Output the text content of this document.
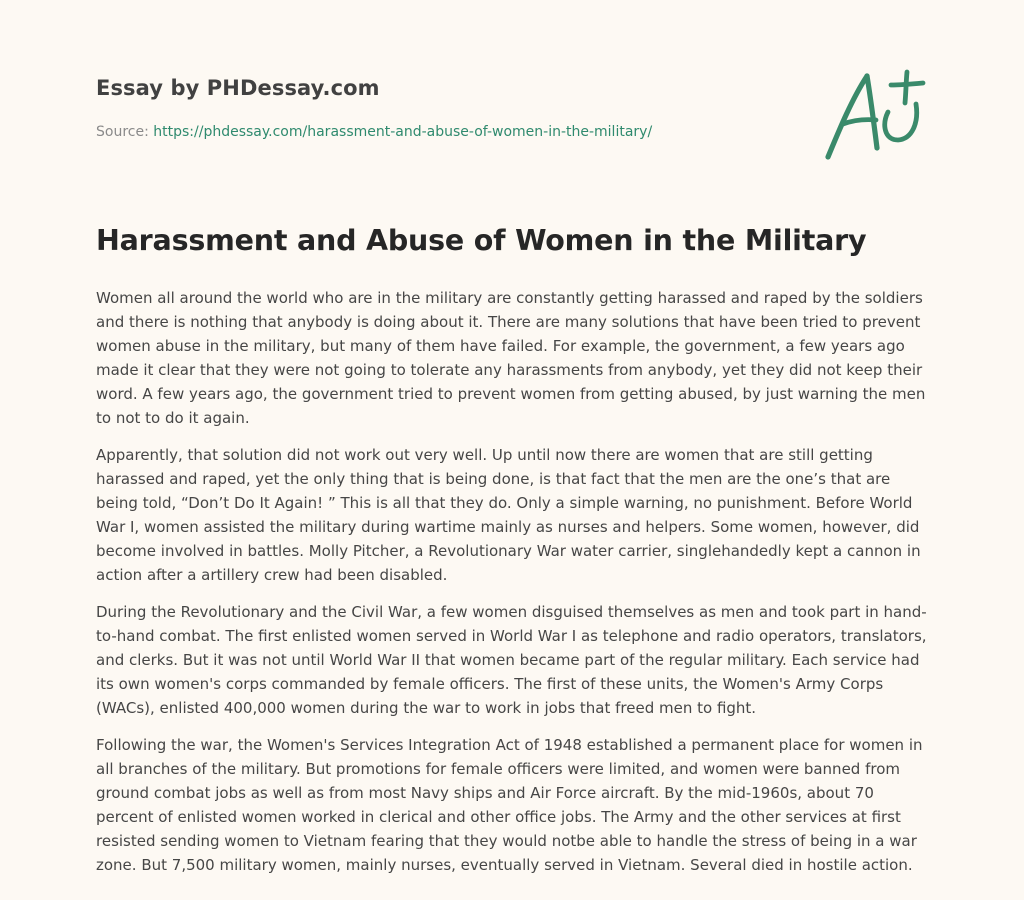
Essay by PHDessay.com

Source: https://phdessay.com/harassment-and-abuse-of-women-in-the-military/

Harassment and Abuse of Women in the Military

Women all around the world who are in the military are constantly getting harassed and raped by the soldiers and there is nothing that anybody is doing about it. There are many solutions that have been tried to prevent women abuse in the military, but many of them have failed. For example, the government, a few years ago made it clear that they were not going to tolerate any harassments from anybody, yet they did not keep their word. A few years ago, the government tried to prevent women from getting abused, by just warning the men to not to do it again.

Apparently, that solution did not work out very well. Up until now there are women that are still getting harassed and raped, yet the only thing that is being done, is that fact that the men are the one’s that are being told, “Don’t Do It Again! ” This is all that they do. Only a simple warning, no punishment. Before World War I, women assisted the military during wartime mainly as nurses and helpers. Some women, however, did become involved in battles. Molly Pitcher, a Revolutionary War water carrier, singlehandedly kept a cannon in action after a artillery crew had been disabled.

During the Revolutionary and the Civil War, a few women disguised themselves as men and took part in hand-to-hand combat. The first enlisted women served in World War I as telephone and radio operators, translators, and clerks. But it was not until World War II that women became part of the regular military. Each service had its own women's corps commanded by female officers. The first of these units, the Women's Army Corps (WACs), enlisted 400,000 women during the war to work in jobs that freed men to fight.

Following the war, the Women's Services Integration Act of 1948 established a permanent place for women in all branches of the military. But promotions for female officers were limited, and women were banned from ground combat jobs as well as from most Navy ships and Air Force aircraft. By the mid-1960s, about 70 percent of enlisted women worked in clerical and other office jobs. The Army and the other services at first resisted sending women to Vietnam fearing that they would notbe able to handle the stress of being in a war zone. But 7,500 military women, mainly nurses, eventually served in Vietnam. Several died in hostile action.
